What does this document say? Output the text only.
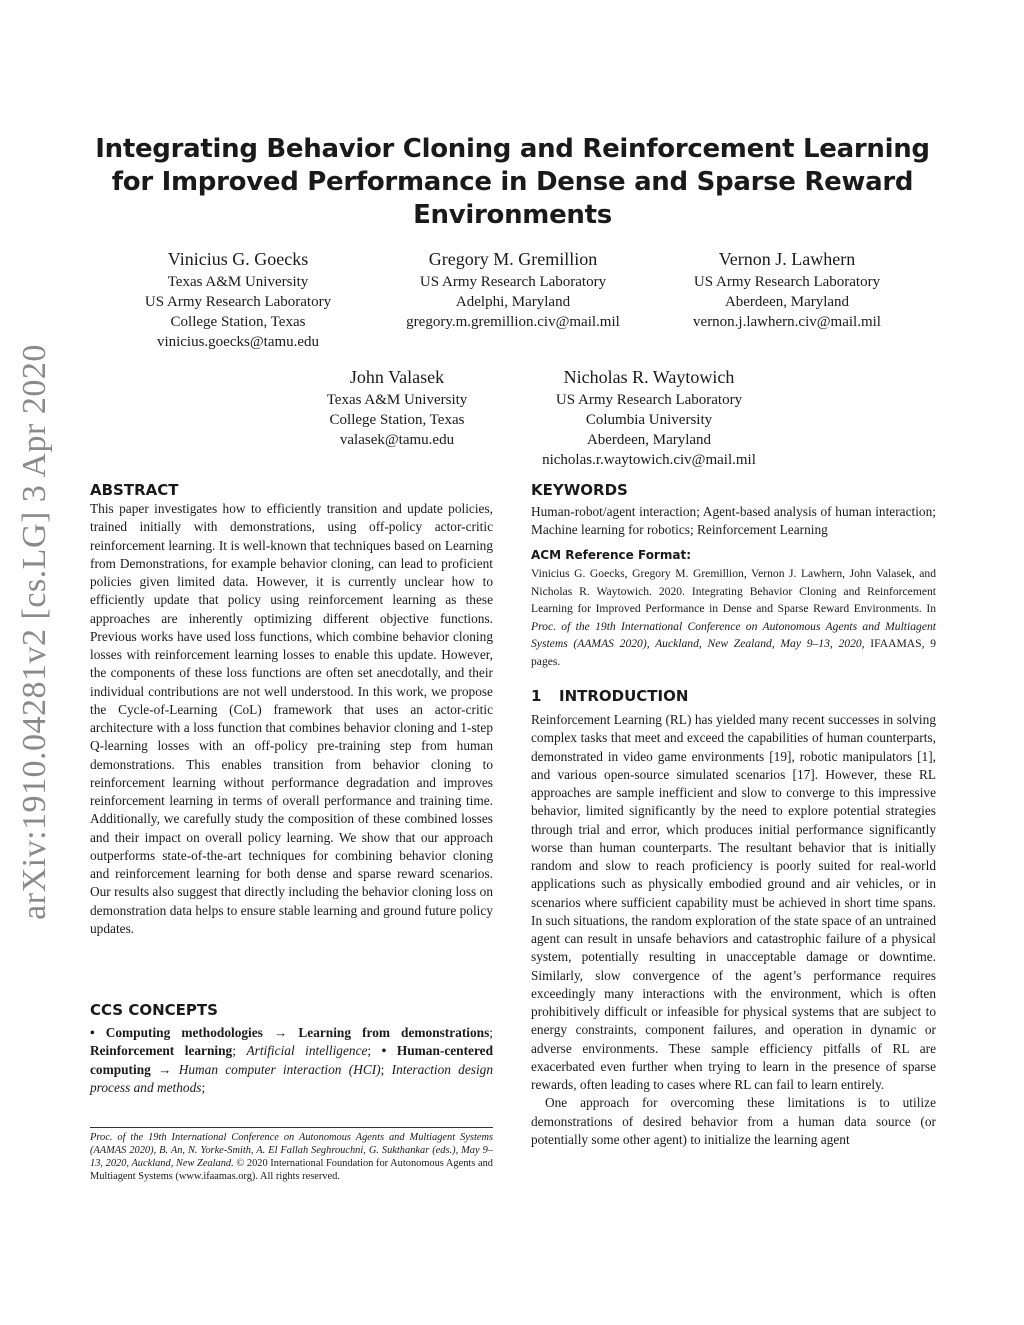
arXiv:1910.04281v2 [cs.LG] 3 Apr 2020
Integrating Behavior Cloning and Reinforcement Learning for Improved Performance in Dense and Sparse Reward Environments
Vinicius G. Goecks
Texas A&M University
US Army Research Laboratory
College Station, Texas
vinicius.goecks@tamu.edu
Gregory M. Gremillion
US Army Research Laboratory
Adelphi, Maryland
gregory.m.gremillion.civ@mail.mil
Vernon J. Lawhern
US Army Research Laboratory
Aberdeen, Maryland
vernon.j.lawhern.civ@mail.mil
John Valasek
Texas A&M University
College Station, Texas
valasek@tamu.edu
Nicholas R. Waytowich
US Army Research Laboratory
Columbia University
Aberdeen, Maryland
nicholas.r.waytowich.civ@mail.mil
ABSTRACT

This paper investigates how to efficiently transition and update policies, trained initially with demonstrations, using off-policy actor-critic reinforcement learning. It is well-known that techniques based on Learning from Demonstrations, for example behavior cloning, can lead to proficient policies given limited data. However, it is currently unclear how to efficiently update that policy using reinforcement learning as these approaches are inherently optimizing different objective functions. Previous works have used loss functions, which combine behavior cloning losses with reinforcement learning losses to enable this update. However, the components of these loss functions are often set anecdotally, and their individual contributions are not well understood. In this work, we propose the Cycle-of-Learning (CoL) framework that uses an actor-critic architecture with a loss function that combines behavior cloning and 1-step Q-learning losses with an off-policy pre-training step from human demonstrations. This enables transition from behavior cloning to reinforcement learning without performance degradation and improves reinforcement learning in terms of overall performance and training time. Additionally, we carefully study the composition of these combined losses and their impact on overall policy learning. We show that our approach outperforms state-of-the-art techniques for combining behavior cloning and reinforcement learning for both dense and sparse reward scenarios. Our results also suggest that directly including the behavior cloning loss on demonstration data helps to ensure stable learning and ground future policy updates.

CCS CONCEPTS

• Computing methodologies → Learning from demonstrations; Reinforcement learning; Artificial intelligence; • Human-centered computing → Human computer interaction (HCI); Interaction design process and methods;

Proc. of the 19th International Conference on Autonomous Agents and Multiagent Systems (AAMAS 2020), B. An, N. Yorke-Smith, A. El Fallah Seghrouchni, G. Sukthankar (eds.), May 9–13, 2020, Auckland, New Zealand. © 2020 International Foundation for Autonomous Agents and Multiagent Systems (www.ifaamas.org). All rights reserved.
KEYWORDS

Human-robot/agent interaction; Agent-based analysis of human interaction; Machine learning for robotics; Reinforcement Learning

ACM Reference Format:
Vinicius G. Goecks, Gregory M. Gremillion, Vernon J. Lawhern, John Valasek, and Nicholas R. Waytowich. 2020. Integrating Behavior Cloning and Reinforcement Learning for Improved Performance in Dense and Sparse Reward Environments. In Proc. of the 19th International Conference on Autonomous Agents and Multiagent Systems (AAMAS 2020), Auckland, New Zealand, May 9–13, 2020, IFAAMAS, 9 pages.
1 INTRODUCTION

Reinforcement Learning (RL) has yielded many recent successes in solving complex tasks that meet and exceed the capabilities of human counterparts, demonstrated in video game environments [19], robotic manipulators [1], and various open-source simulated scenarios [17]. However, these RL approaches are sample inefficient and slow to converge to this impressive behavior, limited significantly by the need to explore potential strategies through trial and error, which produces initial performance significantly worse than human counterparts. The resultant behavior that is initially random and slow to reach proficiency is poorly suited for real-world applications such as physically embodied ground and air vehicles, or in scenarios where sufficient capability must be achieved in short time spans. In such situations, the random exploration of the state space of an untrained agent can result in unsafe behaviors and catastrophic failure of a physical system, potentially resulting in unacceptable damage or downtime. Similarly, slow convergence of the agent’s performance requires exceedingly many interactions with the environment, which is often prohibitively difficult or infeasible for physical systems that are subject to energy constraints, component failures, and operation in dynamic or adverse environments. These sample efficiency pitfalls of RL are exacerbated even further when trying to learn in the presence of sparse rewards, often leading to cases where RL can fail to learn entirely.

One approach for overcoming these limitations is to utilize demonstrations of desired behavior from a human data source (or potentially some other agent) to initialize the learning agent
